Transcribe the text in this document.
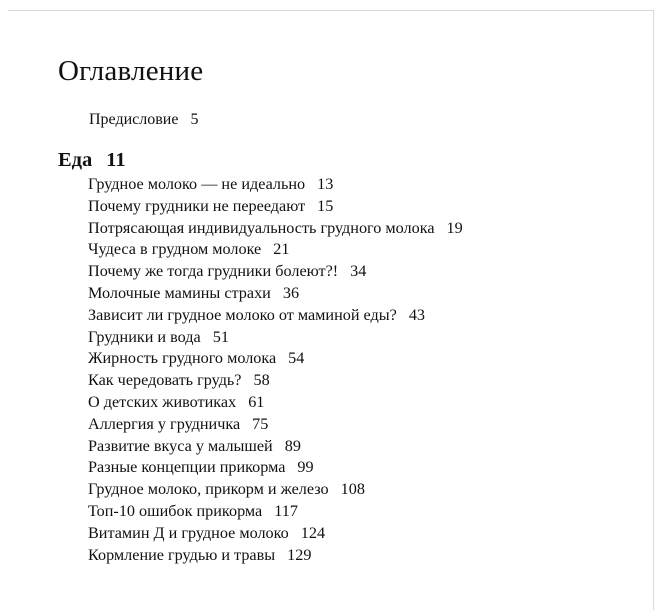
Оглавление
Предисловие 5
Еда 11
Грудное молоко — не идеально 13
Почему грудники не переедают 15
Потрясающая индивидуальность грудного молока 19
Чудеса в грудном молоке 21
Почему же тогда грудники болеют?! 34
Молочные мамины страхи 36
Зависит ли грудное молоко от маминой еды? 43
Грудники и вода 51
Жирность грудного молока 54
Как чередовать грудь? 58
О детских животиках 61
Аллергия у грудничка 75
Развитие вкуса у малышей 89
Разные концепции прикорма 99
Грудное молоко, прикорм и железо 108
Топ-10 ошибок прикорма 117
Витамин Д и грудное молоко 124
Кормление грудью и травы 129
